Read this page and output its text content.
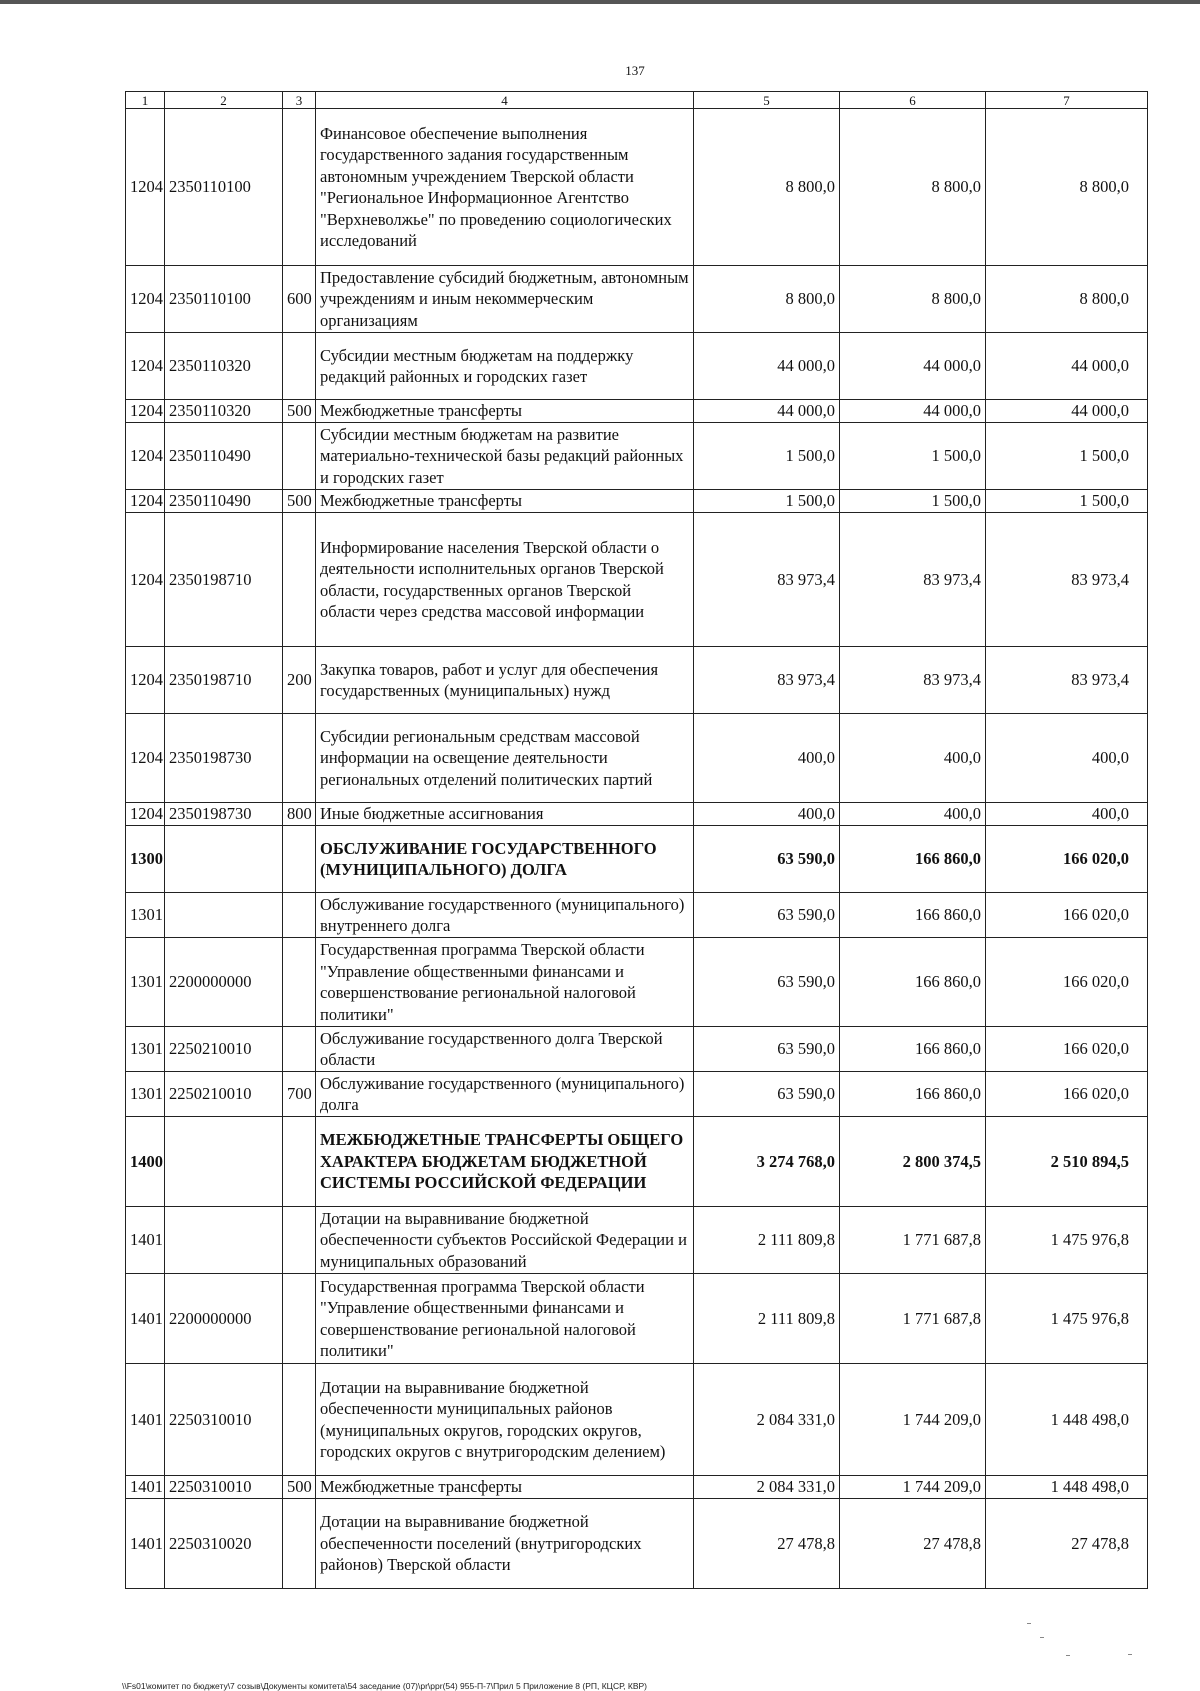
137
1	2	3	4	5	6	7
1204	2350110100		Финансовое обеспечение выполнения государственного задания государственным автономным учреждением Тверской области "Региональное Информационное Агентство "Верхневолжье" по проведению социологических исследований	8 800,0	8 800,0	8 800,0
1204	2350110100	600	Предоставление субсидий бюджетным, автономным учреждениям и иным некоммерческим организациям	8 800,0	8 800,0	8 800,0
1204	2350110320		Субсидии местным бюджетам на поддержку редакций районных и городских газет	44 000,0	44 000,0	44 000,0
1204	2350110320	500	Межбюджетные трансферты	44 000,0	44 000,0	44 000,0
1204	2350110490		Субсидии местным бюджетам на развитие материально-технической базы редакций районных и городских газет	1 500,0	1 500,0	1 500,0
1204	2350110490	500	Межбюджетные трансферты	1 500,0	1 500,0	1 500,0
1204	2350198710		Информирование населения Тверской области о деятельности исполнительных органов Тверской области, государственных органов Тверской области через средства массовой информации	83 973,4	83 973,4	83 973,4
1204	2350198710	200	Закупка товаров, работ и услуг для обеспечения государственных (муниципальных) нужд	83 973,4	83 973,4	83 973,4
1204	2350198730		Субсидии региональным средствам массовой информации на освещение деятельности региональных отделений политических партий	400,0	400,0	400,0
1204	2350198730	800	Иные бюджетные ассигнования	400,0	400,0	400,0
1300			ОБСЛУЖИВАНИЕ ГОСУДАРСТВЕННОГО (МУНИЦИПАЛЬНОГО) ДОЛГА	63 590,0	166 860,0	166 020,0
1301			Обслуживание государственного (муниципального) внутреннего долга	63 590,0	166 860,0	166 020,0
1301	2200000000		Государственная программа Тверской области "Управление общественными финансами и совершенствование региональной налоговой политики"	63 590,0	166 860,0	166 020,0
1301	2250210010		Обслуживание государственного долга Тверской области	63 590,0	166 860,0	166 020,0
1301	2250210010	700	Обслуживание государственного (муниципального) долга	63 590,0	166 860,0	166 020,0
1400			МЕЖБЮДЖЕТНЫЕ ТРАНСФЕРТЫ ОБЩЕГО ХАРАКТЕРА БЮДЖЕТАМ БЮДЖЕТНОЙ СИСТЕМЫ РОССИЙСКОЙ ФЕДЕРАЦИИ	3 274 768,0	2 800 374,5	2 510 894,5
1401			Дотации на выравнивание бюджетной обеспеченности субъектов Российской Федерации и муниципальных образований	2 111 809,8	1 771 687,8	1 475 976,8
1401	2200000000		Государственная программа Тверской области "Управление общественными финансами и совершенствование региональной налоговой политики"	2 111 809,8	1 771 687,8	1 475 976,8
1401	2250310010		Дотации на выравнивание бюджетной обеспеченности муниципальных районов (муниципальных округов, городских округов, городских округов с внутригородским делением)	2 084 331,0	1 744 209,0	1 448 498,0
1401	2250310010	500	Межбюджетные трансферты	2 084 331,0	1 744 209,0	1 448 498,0
1401	2250310020		Дотации на выравнивание бюджетной обеспеченности поселений (внутригородских районов) Тверской области	27 478,8	27 478,8	27 478,8
\\Fs01\комитет по бюджету\7 созыв\Документы комитета\54 заседание (07)\pr\ppr(54) 955-П-7\Прил 5 Приложение 8 (РП, КЦСР, КВР)
